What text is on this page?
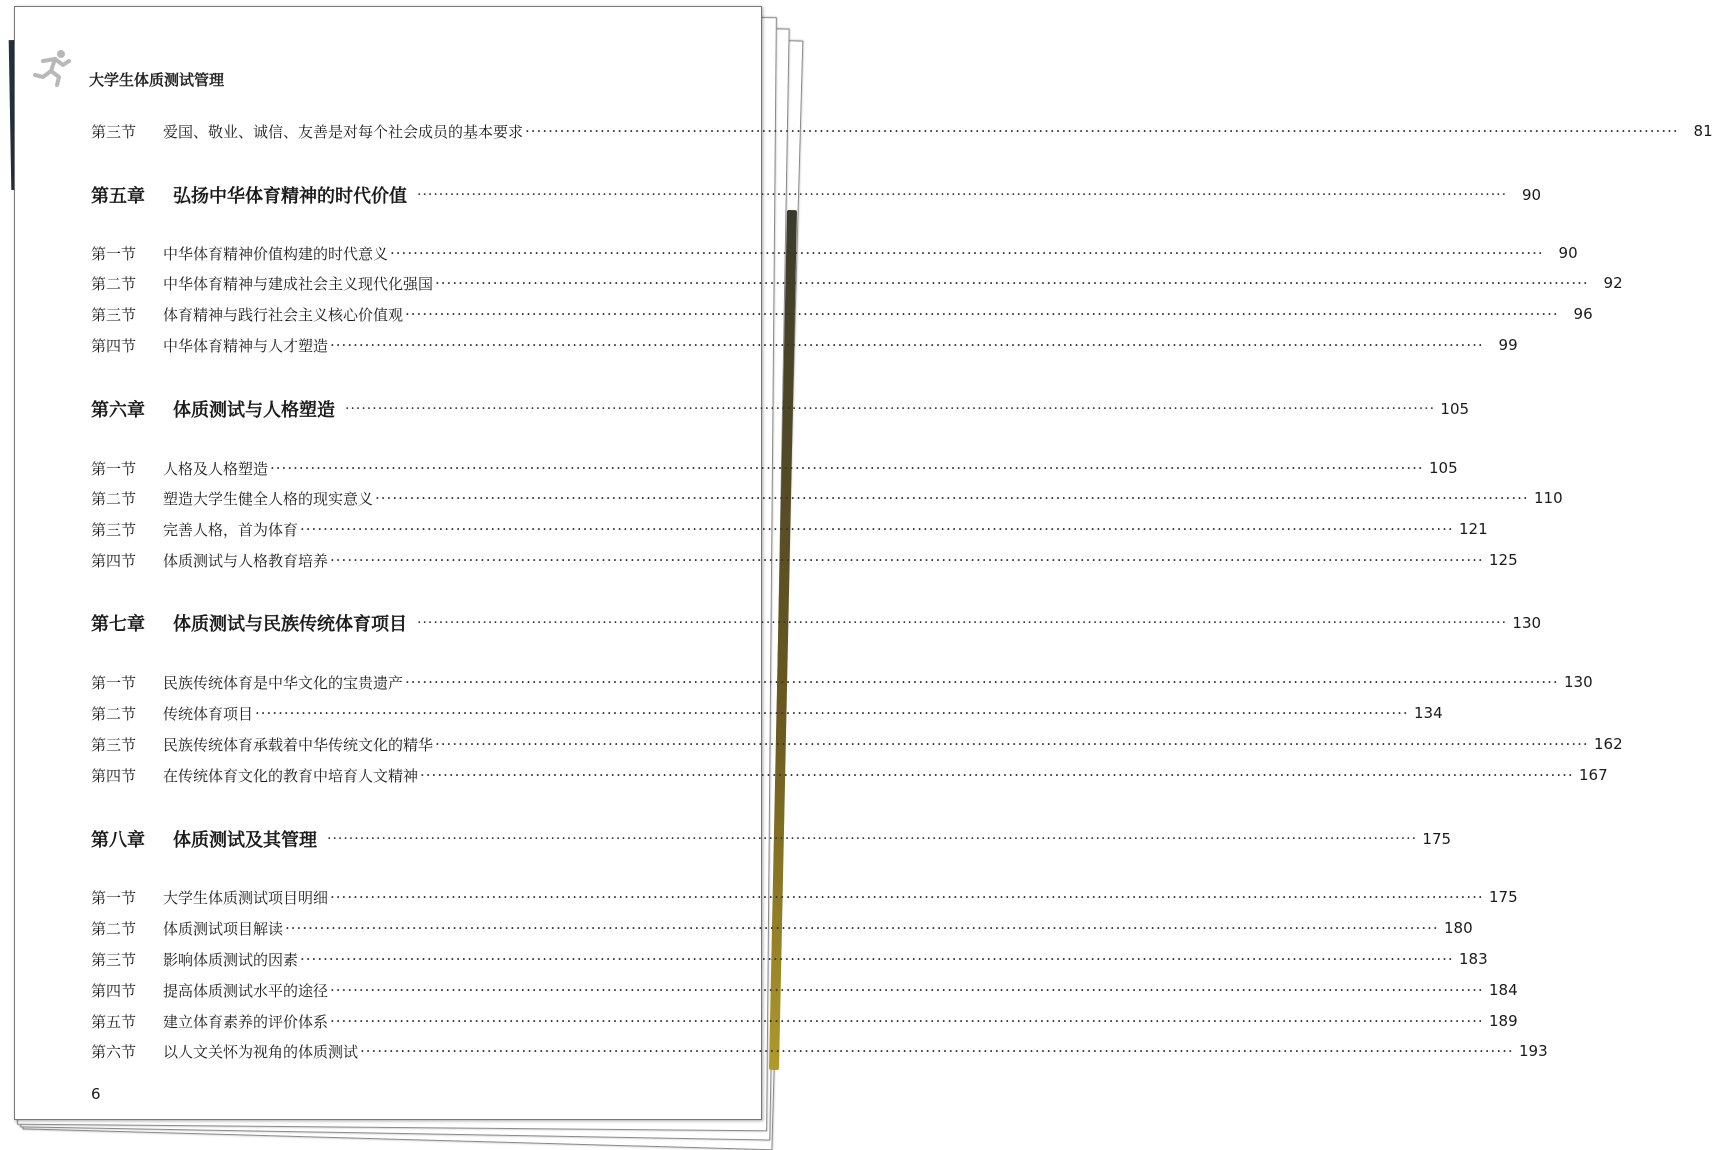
大学生体质测试管理
第三节	爱国、敬业、诚信、友善是对每个社会成员的基本要求 ········································································································································································································ 81
第五章	弘扬中华体育精神的时代价值 ········································································································································································································ 90
第一节	中华体育精神价值构建的时代意义 ········································································································································································································ 90
第二节	中华体育精神与建成社会主义现代化强国 ········································································································································································································ 92
第三节	体育精神与践行社会主义核心价值观 ········································································································································································································ 96
第四节	中华体育精神与人才塑造 ········································································································································································································ 99
第六章	体质测试与人格塑造 ········································································································································································································ 105
第一节	人格及人格塑造 ········································································································································································································ 105
第二节	塑造大学生健全人格的现实意义 ········································································································································································································ 110
第三节	完善人格，首为体育 ········································································································································································································ 121
第四节	体质测试与人格教育培养 ········································································································································································································ 125
第七章	体质测试与民族传统体育项目 ········································································································································································································ 130
第一节	民族传统体育是中华文化的宝贵遗产 ········································································································································································································ 130
第二节	传统体育项目 ········································································································································································································ 134
第三节	民族传统体育承载着中华传统文化的精华 ········································································································································································································ 162
第四节	在传统体育文化的教育中培育人文精神 ········································································································································································································ 167
第八章	体质测试及其管理 ········································································································································································································ 175
第一节	大学生体质测试项目明细 ········································································································································································································ 175
第二节	体质测试项目解读 ········································································································································································································ 180
第三节	影响体质测试的因素 ········································································································································································································ 183
第四节	提高体质测试水平的途径 ········································································································································································································ 184
第五节	建立体育素养的评价体系 ········································································································································································································ 189
第六节	以人文关怀为视角的体质测试 ········································································································································································································ 193
6
